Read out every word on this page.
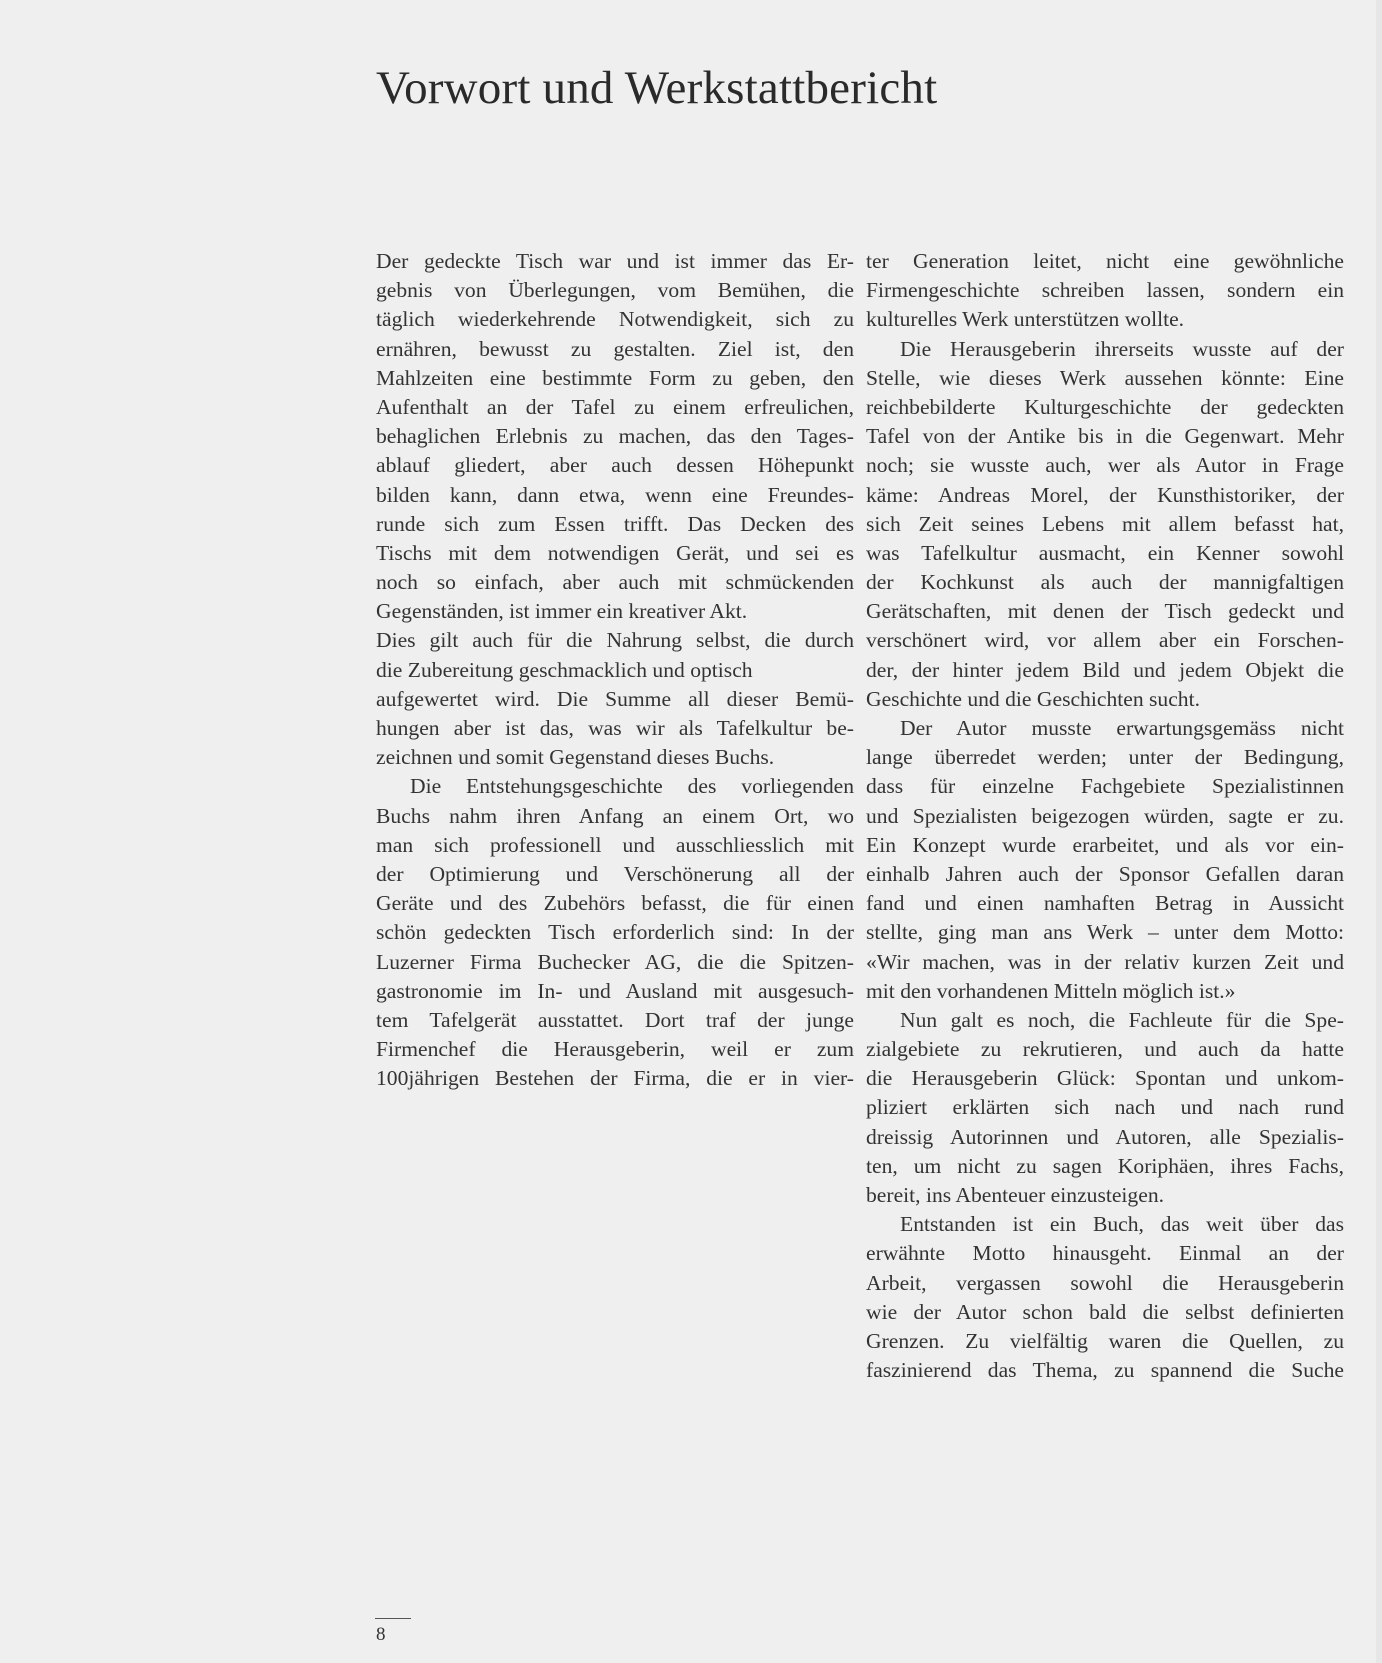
Vorwort und Werkstattbericht
Der gedeckte Tisch war und ist immer das Er-
gebnis von Überlegungen, vom Bemühen, die
täglich wiederkehrende Notwendigkeit, sich zu
ernähren, bewusst zu gestalten. Ziel ist, den
Mahlzeiten eine bestimmte Form zu geben, den
Aufenthalt an der Tafel zu einem erfreulichen,
behaglichen Erlebnis zu machen, das den Tages-
ablauf gliedert, aber auch dessen Höhepunkt
bilden kann, dann etwa, wenn eine Freundes-
runde sich zum Essen trifft. Das Decken des
Tischs mit dem notwendigen Gerät, und sei es
noch so einfach, aber auch mit schmückenden
Gegenständen, ist immer ein kreativer Akt.
Dies gilt auch für die Nahrung selbst, die durch
die Zubereitung geschmacklich und optisch
aufgewertet wird. Die Summe all dieser Bemü-
hungen aber ist das, was wir als Tafelkultur be-
zeichnen und somit Gegenstand dieses Buchs.
Die Entstehungsgeschichte des vorliegenden
Buchs nahm ihren Anfang an einem Ort, wo
man sich professionell und ausschliesslich mit
der Optimierung und Verschönerung all der
Geräte und des Zubehörs befasst, die für einen
schön gedeckten Tisch erforderlich sind: In der
Luzerner Firma Buchecker AG, die die Spitzen-
gastronomie im In- und Ausland mit ausgesuch-
tem Tafelgerät ausstattet. Dort traf der junge
Firmenchef die Herausgeberin, weil er zum
100jährigen Bestehen der Firma, die er in vier-
ter Generation leitet, nicht eine gewöhnliche
Firmengeschichte schreiben lassen, sondern ein
kulturelles Werk unterstützen wollte.
Die Herausgeberin ihrerseits wusste auf der
Stelle, wie dieses Werk aussehen könnte: Eine
reichbebilderte Kulturgeschichte der gedeckten
Tafel von der Antike bis in die Gegenwart. Mehr
noch; sie wusste auch, wer als Autor in Frage
käme: Andreas Morel, der Kunsthistoriker, der
sich Zeit seines Lebens mit allem befasst hat,
was Tafelkultur ausmacht, ein Kenner sowohl
der Kochkunst als auch der mannigfaltigen
Gerätschaften, mit denen der Tisch gedeckt und
verschönert wird, vor allem aber ein Forschen-
der, der hinter jedem Bild und jedem Objekt die
Geschichte und die Geschichten sucht.
Der Autor musste erwartungsgemäss nicht
lange überredet werden; unter der Bedingung,
dass für einzelne Fachgebiete Spezialistinnen
und Spezialisten beigezogen würden, sagte er zu.
Ein Konzept wurde erarbeitet, und als vor ein-
einhalb Jahren auch der Sponsor Gefallen daran
fand und einen namhaften Betrag in Aussicht
stellte, ging man ans Werk – unter dem Motto:
«Wir machen, was in der relativ kurzen Zeit und
mit den vorhandenen Mitteln möglich ist.»
Nun galt es noch, die Fachleute für die Spe-
zialgebiete zu rekrutieren, und auch da hatte
die Herausgeberin Glück: Spontan und unkom-
pliziert erklärten sich nach und nach rund
dreissig Autorinnen und Autoren, alle Spezialis-
ten, um nicht zu sagen Koriphäen, ihres Fachs,
bereit, ins Abenteuer einzusteigen.
Entstanden ist ein Buch, das weit über das
erwähnte Motto hinausgeht. Einmal an der
Arbeit, vergassen sowohl die Herausgeberin
wie der Autor schon bald die selbst definierten
Grenzen. Zu vielfältig waren die Quellen, zu
faszinierend das Thema, zu spannend die Suche
8
